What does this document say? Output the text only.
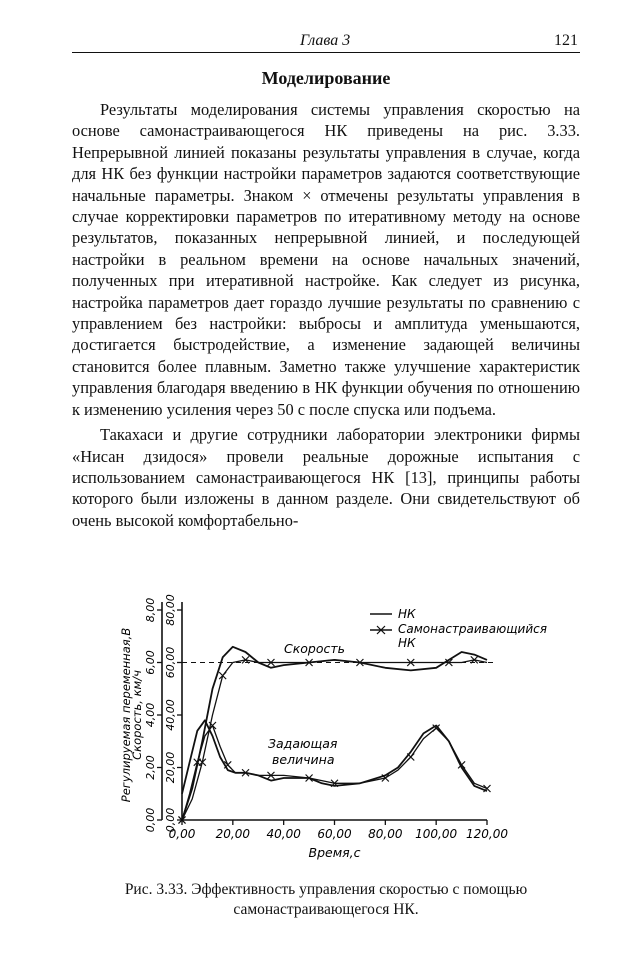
Глава 3	121
Моделирование

Результаты моделирования системы управления скоростью на основе самонастраивающегося НК приведены на рис. 3.33. Непрерывной линией показаны результаты управления в случае, когда для НК без функции настройки параметров задаются соответствующие начальные параметры. Знаком × отмечены результаты управления в случае корректировки параметров по итеративному методу на основе результатов, показанных непрерывной линией, и последующей настройки в реальном времени на основе начальных значений, полученных при итеративной настройке. Как следует из рисунка, настройка параметров дает гораздо лучшие результаты по сравнению с управлением без настройки: выбросы и амплитуда уменьшаются, достигается быстродействие, а изменение задающей величины становится более плавным. Заметно также улучшение характеристик управления благодаря введению в НК функции обучения по отношению к изменению усиления через 50 с после спуска или подъема.

Такахаси и другие сотрудники лаборатории электроники фирмы «Нисан дзидося» провели реальные дорожные испытания с использованием самонастраивающегося НК [13], принципы работы которого были изложены в данном разделе. Они свидетельствуют об очень высокой комфортабельно-

0,00 20,00 40,00 60,00 80,00 100,00 120,00
Время,с
0,00
20,00
40,00
60,00
80,00
0,00
2,00
4,00
6,00
8,00
Регулируемая переменная,В
Скорость, км/ч
НК
Самонастраивающийся
НК
Скорость
Задающая
величина
Рис. 3.33. Эффективность управления скоростью с помощью самонастраивающегося НК.
